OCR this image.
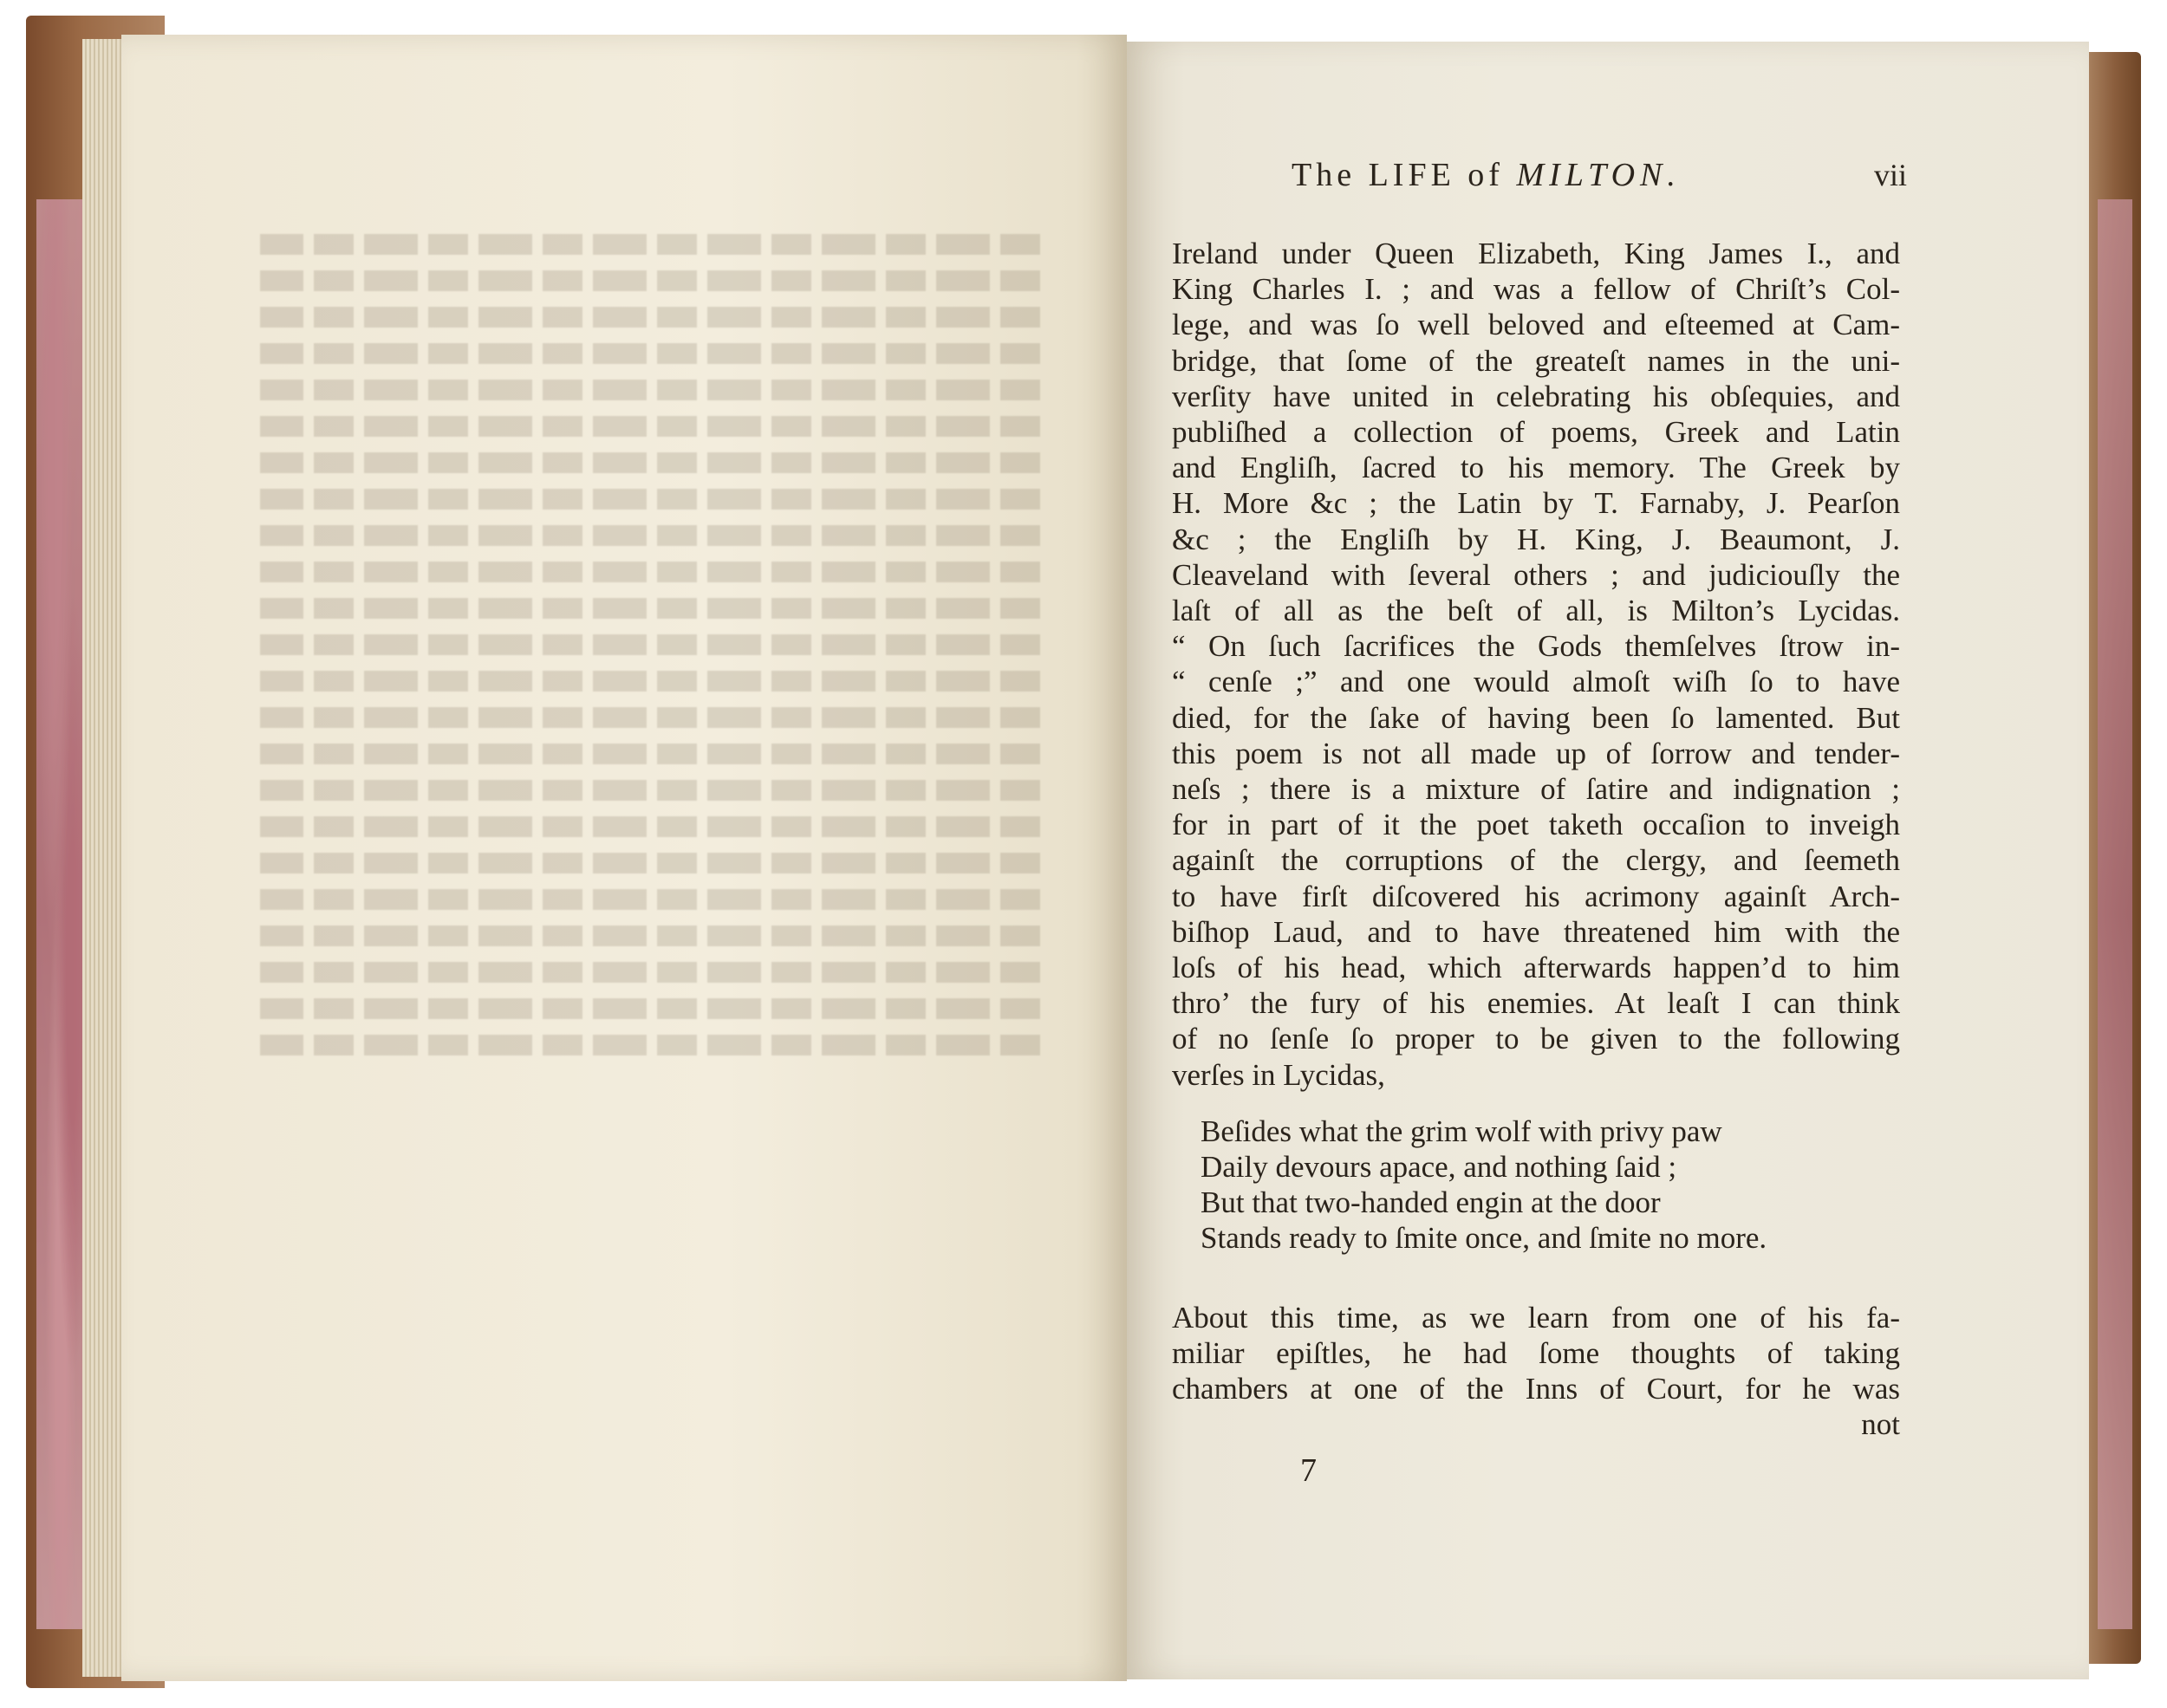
The LIFE of MILTON.	vii
Ireland under Queen Elizabeth, King James I., and
King Charles I. ; and was a fellow of Chriſt’s Col-
lege, and was ſo well beloved and eſteemed at Cam-
bridge, that ſome of the greateſt names in the uni-
verſity have united in celebrating his obſequies, and
publiſhed a collection of poems, Greek and Latin
and Engliſh, ſacred to his memory. The Greek by
H. More &c ; the Latin by T. Farnaby, J. Pearſon
&c ; the Engliſh by H. King, J. Beaumont, J.
Cleaveland with ſeveral others ; and judiciouſly the
laſt of all as the beſt of all, is Milton’s Lycidas.
“ On ſuch ſacrifices the Gods themſelves ſtrow in-
“ cenſe ;” and one would almoſt wiſh ſo to have
died, for the ſake of having been ſo lamented. But
this poem is not all made up of ſorrow and tender-
neſs ; there is a mixture of ſatire and indignation ;
for in part of it the poet taketh occaſion to inveigh
againſt the corruptions of the clergy, and ſeemeth
to have firſt diſcovered his acrimony againſt Arch-
biſhop Laud, and to have threatened him with the
loſs of his head, which afterwards happen’d to him
thro’ the fury of his enemies. At leaſt I can think
of no ſenſe ſo proper to be given to the following
verſes in Lycidas,
Beſides what the grim wolf with privy paw
Daily devours apace, and nothing ſaid ;
But that two-handed engin at the door
Stands ready to ſmite once, and ſmite no more.
About this time, as we learn from one of his fa-
miliar epiſtles, he had ſome thoughts of taking
chambers at one of the Inns of Court, for he was
not
7
